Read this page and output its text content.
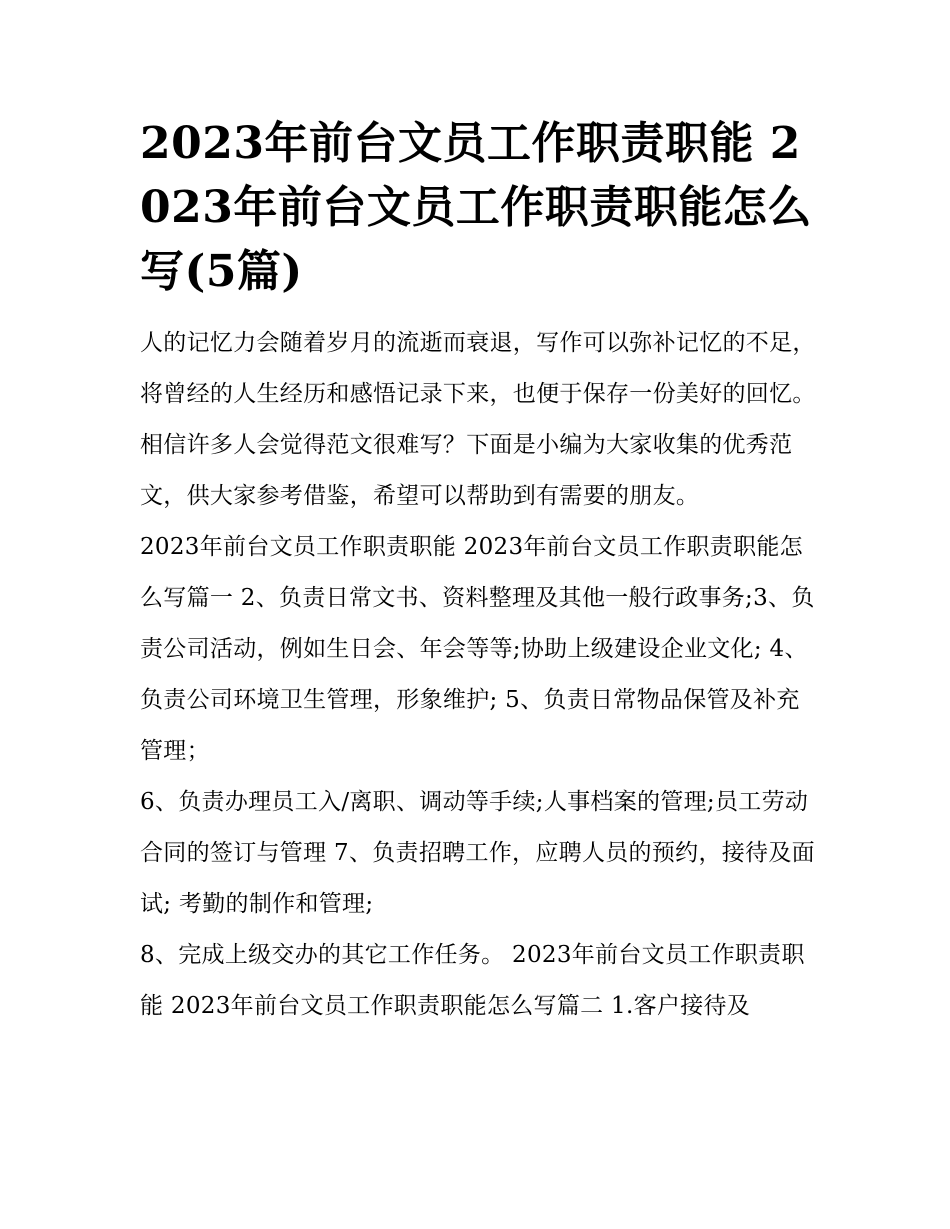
2023年前台文员工作职责职能 2023年前台文员工作职责职能怎么写(5篇)

人的记忆力会随着岁月的流逝而衰退，写作可以弥补记忆的不足，将曾经的人生经历和感悟记录下来，也便于保存一份美好的回忆。相信许多人会觉得范文很难写？下面是小编为大家收集的优秀范文，供大家参考借鉴，希望可以帮助到有需要的朋友。

2023年前台文员工作职责职能 2023年前台文员工作职责职能怎么写篇一 2、负责日常文书、资料整理及其他一般行政事务;3、负责公司活动，例如生日会、年会等等;协助上级建设企业文化; 4、负责公司环境卫生管理，形象维护; 5、负责日常物品保管及补充管理；

6、负责办理员工入/离职、调动等手续;人事档案的管理;员工劳动合同的签订与管理 7、负责招聘工作，应聘人员的预约，接待及面试; 考勤的制作和管理;

8、完成上级交办的其它工作任务。 2023年前台文员工作职责职能 2023年前台文员工作职责职能怎么写篇二 1.客户接待及
